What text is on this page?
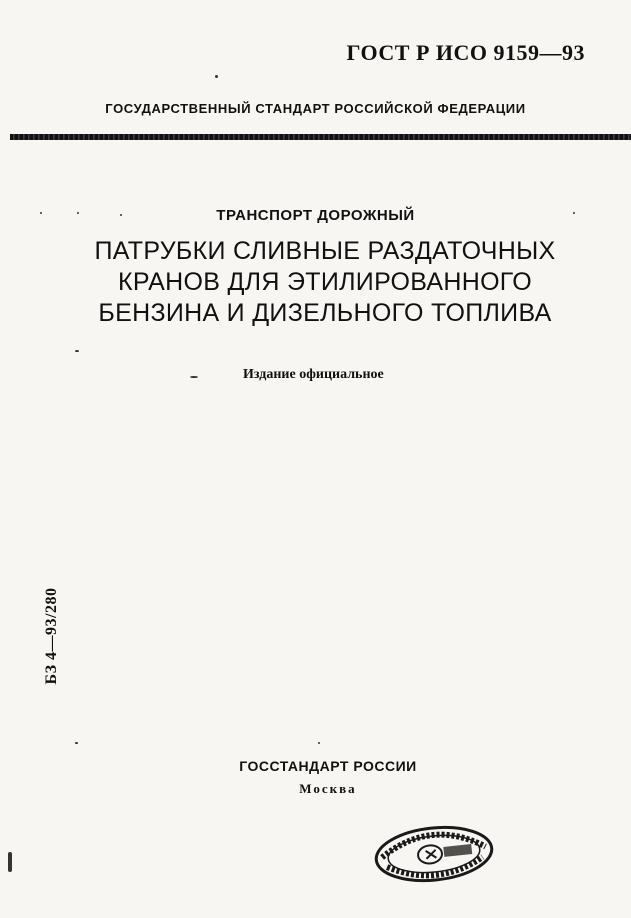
ГОСТ Р ИСО 9159—93
ГОСУДАРСТВЕННЫЙ СТАНДАРТ РОССИЙСКОЙ ФЕДЕРАЦИИ
ТРАНСПОРТ ДОРОЖНЫЙ
ПАТРУБКИ СЛИВНЫЕ РАЗДАТОЧНЫХ
КРАНОВ ДЛЯ ЭТИЛИРОВАННОГО
БЕНЗИНА И ДИЗЕЛЬНОГО ТОПЛИВА
Издание официальное
БЗ 4—93/280
ГОССТАНДАРТ РОССИИ
Москва
